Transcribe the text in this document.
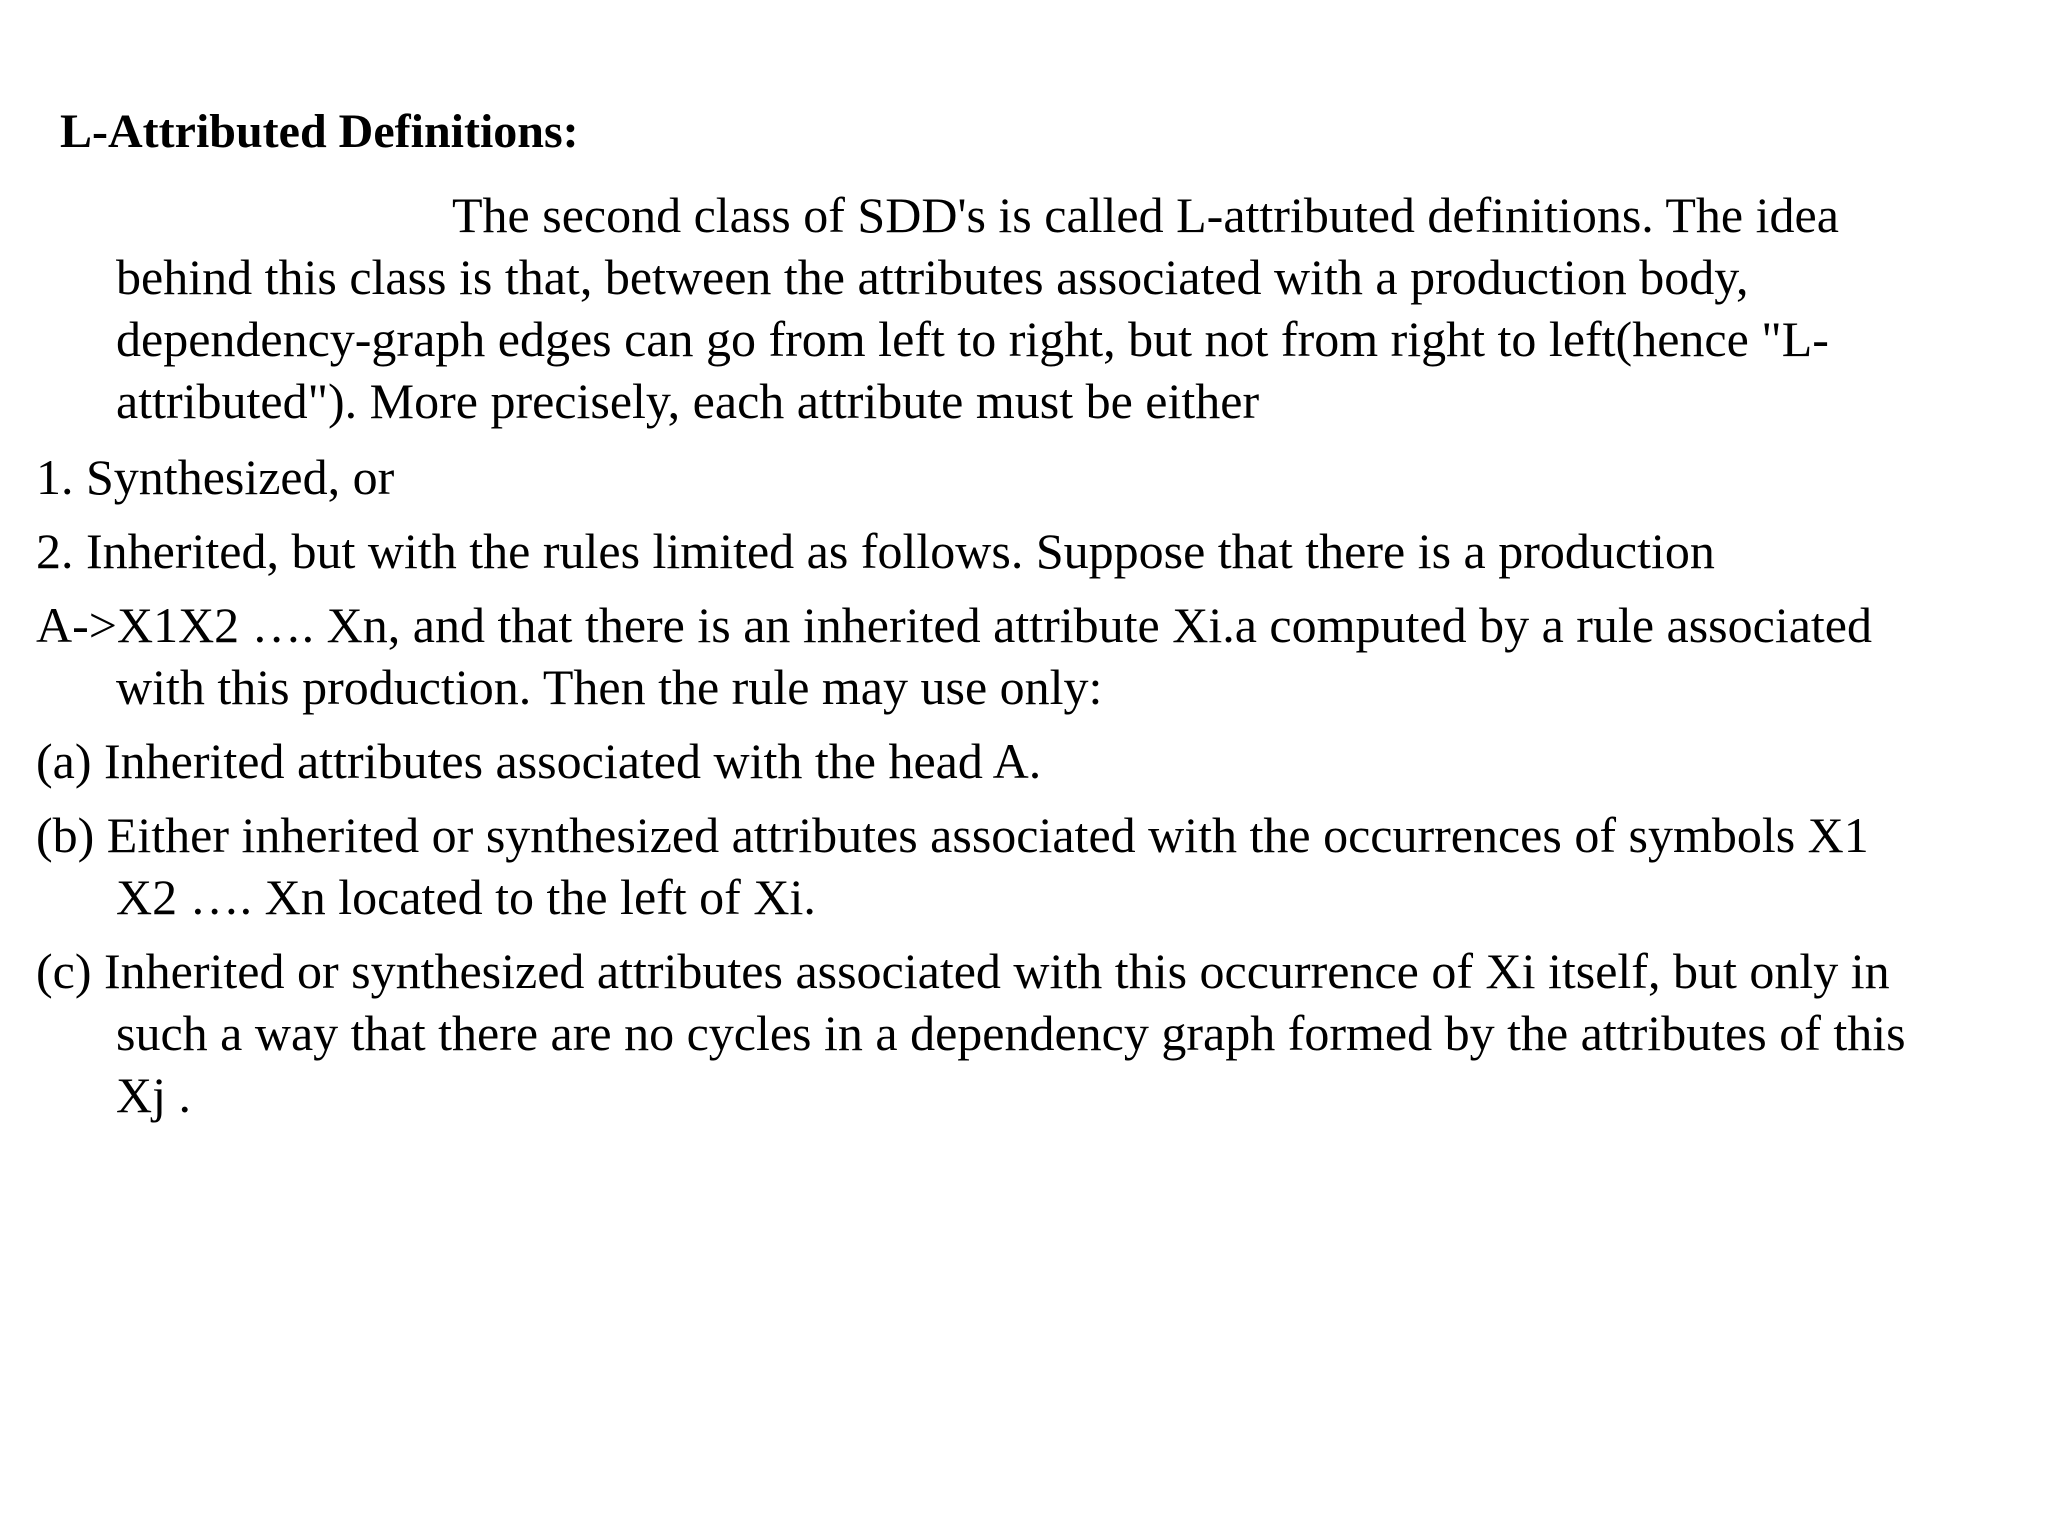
L-Attributed Definitions:
The second class of SDD's is called L-attributed definitions. The idea
behind this class is that, between the attributes associated with a production body,
dependency-graph edges can go from left to right, but not from right to left(hence "L-
attributed"). More precisely, each attribute must be either
1. Synthesized, or
2. Inherited, but with the rules limited as follows. Suppose that there is a production
A->X1X2 …. Xn, and that there is an inherited attribute Xi.a computed by a rule associated
with this production. Then the rule may use only:
(a) Inherited attributes associated with the head A.
(b) Either inherited or synthesized attributes associated with the occurrences of symbols X1
X2 …. Xn located to the left of Xi.
(c) Inherited or synthesized attributes associated with this occurrence of Xi itself, but only in
such a way that there are no cycles in a dependency graph formed by the attributes of this
Xj .
